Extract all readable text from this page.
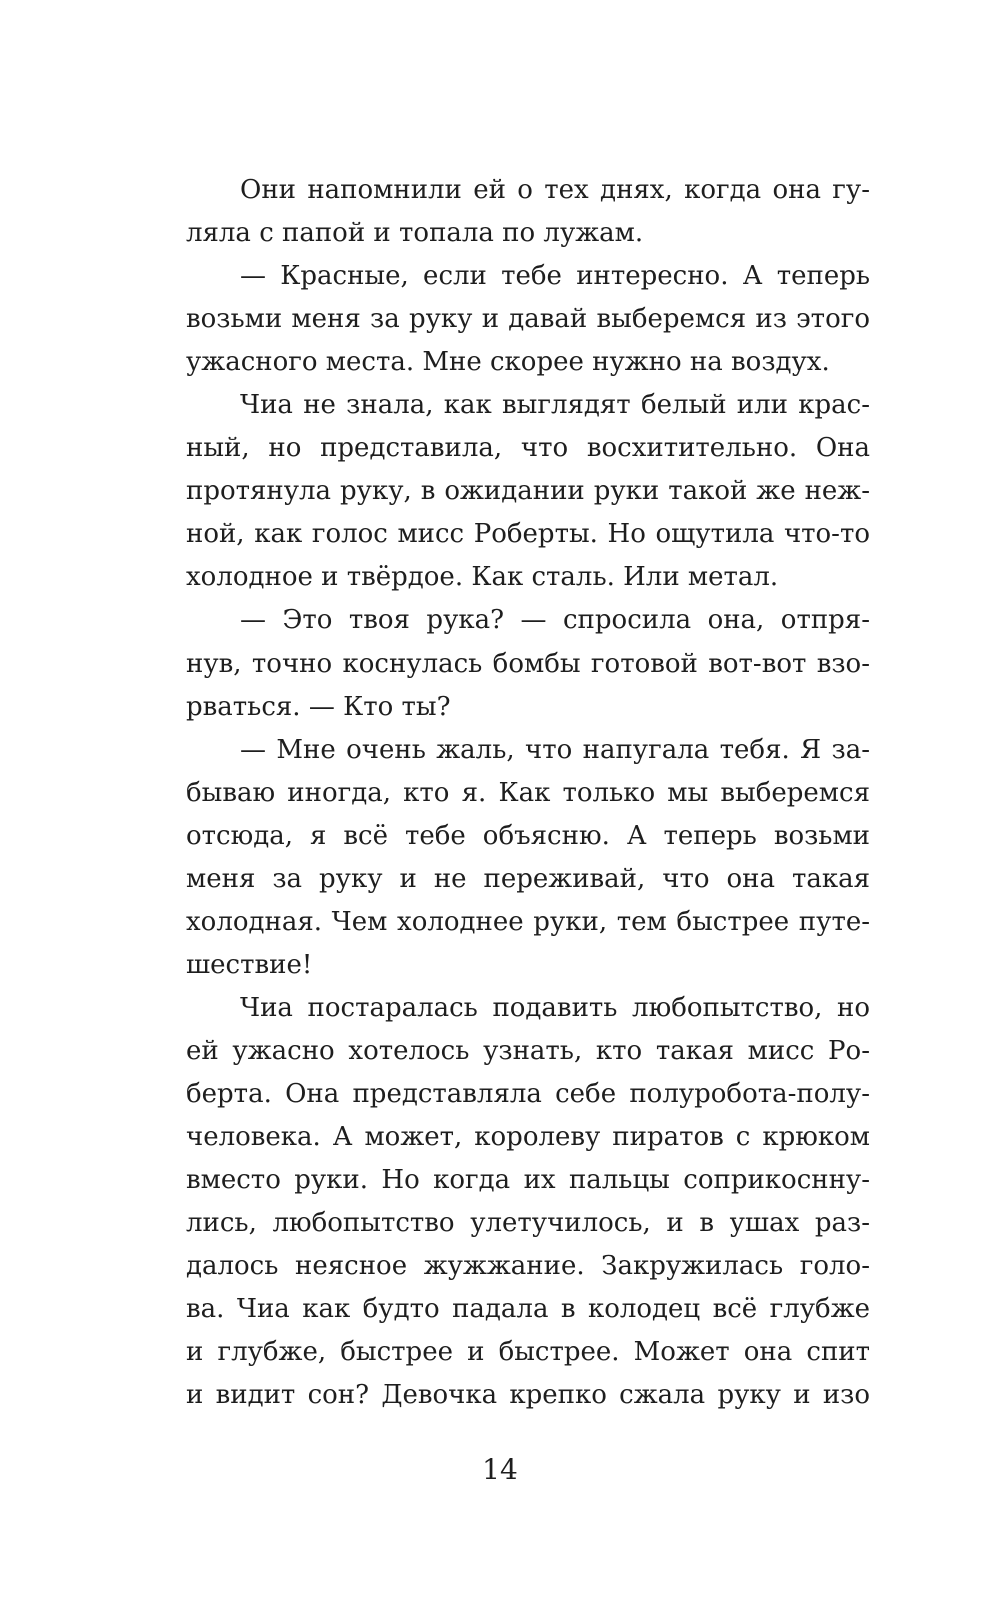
Они напомнили ей о тех днях, когда она гу-
ляла с папой и топала по лужам.
— Красные, если тебе интересно. А теперь
возьми меня за руку и давай выберемся из этого
ужасного места. Мне скорее нужно на воздух.
Чиа не знала, как выглядят белый или крас-
ный, но представила, что восхитительно. Она
протянула руку, в ожидании руки такой же неж-
ной, как голос мисс Роберты. Но ощутила что-то
холодное и твёрдое. Как сталь. Или метал.
— Это твоя рука? — спросила она, отпря-
нув, точно коснулась бомбы готовой вот-вот взо-
рваться. — Кто ты?
— Мне очень жаль, что напугала тебя. Я за-
бываю иногда, кто я. Как только мы выберемся
отсюда, я всё тебе объясню. А теперь возьми
меня за руку и не переживай, что она такая
холодная. Чем холоднее руки, тем быстрее путе-
шествие!
Чиа постаралась подавить любопытство, но
ей ужасно хотелось узнать, кто такая мисс Ро-
берта. Она представляла себе полуробота-полу-
человека. А может, королеву пиратов с крюком
вместо руки. Но когда их пальцы соприкоснну-
лись, любопытство улетучилось, и в ушах раз-
далось неясное жужжание. Закружилась голо-
ва. Чиа как будто падала в колодец всё глубже
и глубже, быстрее и быстрее. Может она спит
и видит сон? Девочка крепко сжала руку и изо
14
